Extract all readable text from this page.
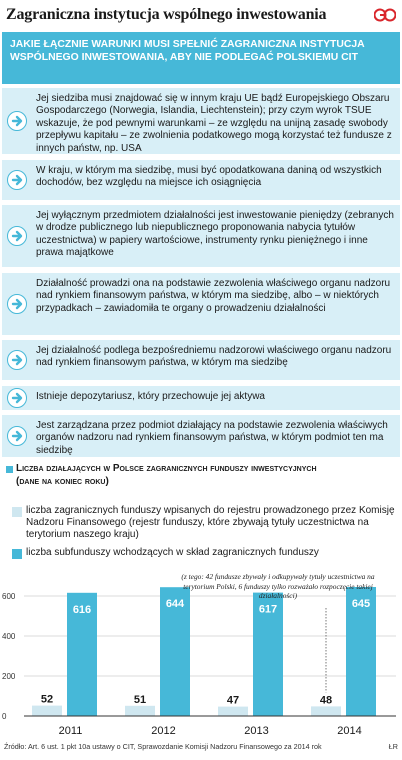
Zagraniczna instytucja wspólnego inwestowania
JAKIE ŁĄCZNIE WARUNKI MUSI SPEŁNIĆ ZAGRANICZNA INSTYTUCJA
WSPÓLNEGO INWESTOWANIA, ABY NIE PODLEGAĆ POLSKIEMU CIT
Jej siedziba musi znajdować się w innym kraju UE bądź Europejskiego Obszaru Gospodarczego (Norwegia, Islandia, Liechtenstein); przy czym wyrok TSUE wskazuje, że pod pewnymi warunkami – ze względu na unijną zasadę swobody przepływu kapitału – ze zwolnienia podatkowego mogą korzystać też fundusze z innych państw, np. USA
W kraju, w którym ma siedzibę, musi być opodatkowana daniną od wszystkich dochodów, bez względu na miejsce ich osiągnięcia
Jej wyłącznym przedmiotem działalności jest inwestowanie pieniędzy (zebranych w drodze publicznego lub niepublicznego proponowania nabycia tytułów uczestnictwa) w papiery wartościowe, instrumenty rynku pieniężnego i inne prawa majątkowe
Działalność prowadzi ona na podstawie zezwolenia właściwego organu nadzoru nad rynkiem finansowym państwa, w którym ma siedzibę, albo – w niektórych przypadkach – zawiadomiła te organy o prowadzeniu działalności
Jej działalność podlega bezpośredniemu nadzorowi właściwego organu nadzoru nad rynkiem finansowym państwa, w którym ma siedzibę
Istnieje depozytariusz, który przechowuje jej aktywa
Jest zarządzana przez podmiot działający na podstawie zezwolenia właściwych organów nadzoru nad rynkiem finansowym państwa, w którym podmiot ten ma siedzibę
Liczba działających w Polsce zagranicznych funduszy inwestycyjnych
(dane na koniec roku)
liczba zagranicznych funduszy wpisanych do rejestru prowadzonego przez Komisję Nadzoru Finansowego (rejestr funduszy, które zbywają tytuły uczestnictwa na terytorium naszego kraju)
liczba subfunduszy wchodzących w skład zagranicznych funduszy
0
200
400
600
52
616
2011
51
644
2012
47
617
2013
48
645
2014
(z tego: 42 fundusze zbywały i odkupywały tytuły uczestnictwa na terytorium Polski, 6 funduszy tylko rozważało rozpoczęcie takiej działalności)
Źródło: Art. 6 ust. 1 pkt 10a ustawy o CIT, Sprawozdanie Komisji Nadzoru Finansowego za 2014 rok	ŁR
